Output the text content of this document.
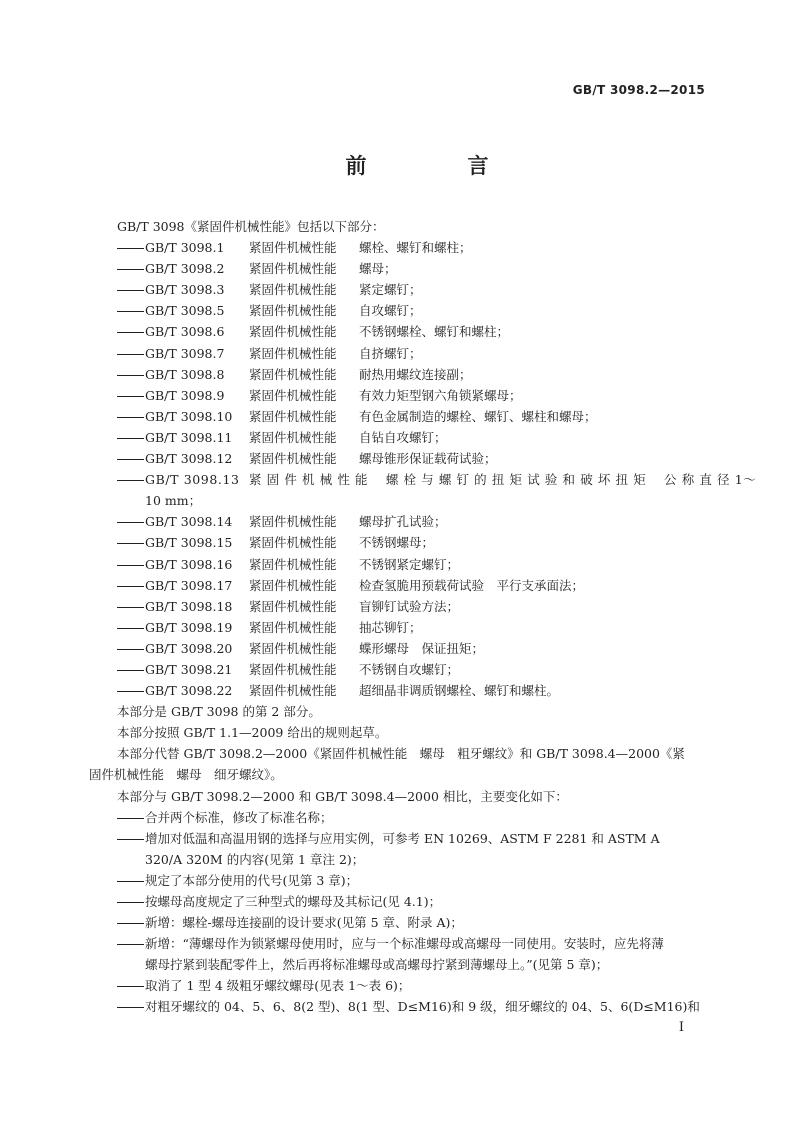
GB/T 3098.2—2015
前　言
GB/T 3098《紧固件机械性能》包括以下部分：
GB/T 3098.1 紧固件机械性能 螺栓、螺钉和螺柱；
GB/T 3098.2 紧固件机械性能 螺母；
GB/T 3098.3 紧固件机械性能 紧定螺钉；
GB/T 3098.5 紧固件机械性能 自攻螺钉；
GB/T 3098.6 紧固件机械性能 不锈钢螺栓、螺钉和螺柱；
GB/T 3098.7 紧固件机械性能 自挤螺钉；
GB/T 3098.8 紧固件机械性能 耐热用螺纹连接副；
GB/T 3098.9 紧固件机械性能 有效力矩型钢六角锁紧螺母；
GB/T 3098.10 紧固件机械性能 有色金属制造的螺栓、螺钉、螺柱和螺母；
GB/T 3098.11 紧固件机械性能 自钻自攻螺钉；
GB/T 3098.12 紧固件机械性能 螺母锥形保证载荷试验；
GB/T 3098.13 紧 固 件 机 械 性 能　 螺 栓 与 螺 钉 的 扭 矩 试 验 和 破 坏 扭 矩　 公 称 直 径 1～
10 mm；
GB/T 3098.14 紧固件机械性能 螺母扩孔试验；
GB/T 3098.15 紧固件机械性能 不锈钢螺母；
GB/T 3098.16 紧固件机械性能 不锈钢紧定螺钉；
GB/T 3098.17 紧固件机械性能 检查氢脆用预载荷试验　平行支承面法；
GB/T 3098.18 紧固件机械性能 盲铆钉试验方法；
GB/T 3098.19 紧固件机械性能 抽芯铆钉；
GB/T 3098.20 紧固件机械性能 蝶形螺母　保证扭矩；
GB/T 3098.21 紧固件机械性能 不锈钢自攻螺钉；
GB/T 3098.22 紧固件机械性能 超细晶非调质钢螺栓、螺钉和螺柱。
本部分是 GB/T 3098 的第 2 部分。
本部分按照 GB/T 1.1—2009 给出的规则起草。
本部分代替 GB/T 3098.2—2000《紧固件机械性能　螺母　粗牙螺纹》和 GB/T 3098.4—2000《紧
固件机械性能　螺母　细牙螺纹》。
本部分与 GB/T 3098.2—2000 和 GB/T 3098.4—2000 相比，主要变化如下：
合并两个标准，修改了标准名称；
增加对低温和高温用钢的选择与应用实例，可参考 EN 10269、ASTM F 2281 和 ASTM A
320/A 320M 的内容(见第 1 章注 2)；
规定了本部分使用的代号(见第 3 章)；
按螺母高度规定了三种型式的螺母及其标记(见 4.1)；
新增：螺栓-螺母连接副的设计要求(见第 5 章、附录 A)；
新增：“薄螺母作为锁紧螺母使用时，应与一个标准螺母或高螺母一同使用。安装时，应先将薄
螺母拧紧到装配零件上，然后再将标准螺母或高螺母拧紧到薄螺母上。”(见第 5 章)；
取消了 1 型 4 级粗牙螺纹螺母(见表 1～表 6)；
对粗牙螺纹的 04、5、6、8(2 型)、8(1 型、D≤M16)和 9 级，细牙螺纹的 04、5、6(D≤M16)和
I
